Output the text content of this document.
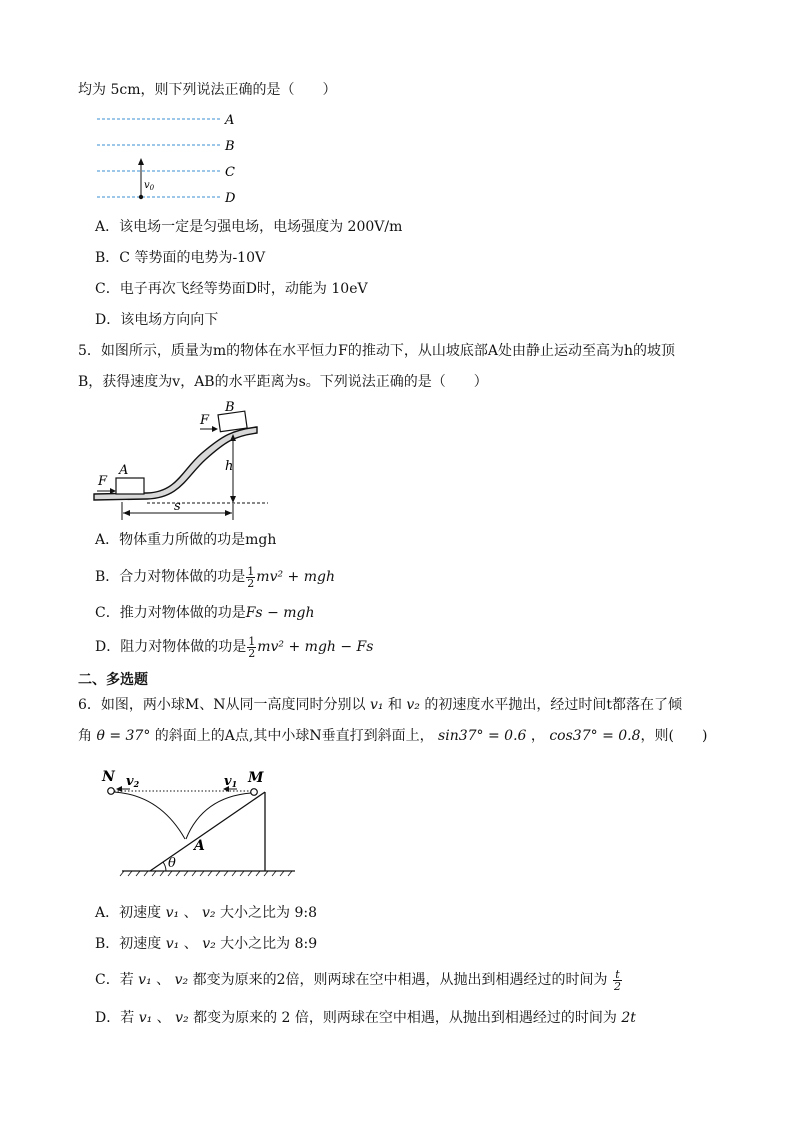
均为 5cm，则下列说法正确的是（　　）
A
B
C
D
$v_0$
A．该电场一定是匀强电场，电场强度为 200V/m
B．C 等势面的电势为-10V
C．电子再次飞经等势面D时，动能为 10eV
D．该电场方向向下
5．如图所示，质量为m的物体在水平恒力F的推动下，从山坡底部A处由静止运动至高为h的坡顶
B，获得速度为v，AB的水平距离为s。下列说法正确的是（　　）
A
F
B
F
h
s
A．物体重力所做的功是mgh
B．合力对物体做的功是 $\frac{1}{2} mv^2$ + mgh
C．推力对物体做的功是Fs − mgh
D．阻力对物体做的功是 $\frac{1}{2} mv^2$ + mgh − Fs
二、多选题
6．如图，两小球M、N从同一高度同时分别以 v₁ 和 v₂ 的初速度水平抛出，经过时间t都落在了倾
角 θ = 37° 的斜面上的A点,其中小球N垂直打到斜面上， sin37° = 0.6 ， cos37° = 0.8，则(　　)
N v2	v1 M
A
θ
A．初速度 v₁ 、 v₂ 大小之比为 9:8
B．初速度 v₁ 、 v₂ 大小之比为 8:9
C．若 v₁ 、 v₂ 都变为原来的2倍，则两球在空中相遇，从抛出到相遇经过的时间为 $\frac{t}{2}$
D．若 v₁ 、 v₂ 都变为原来的 2 倍，则两球在空中相遇，从抛出到相遇经过的时间为 2t
